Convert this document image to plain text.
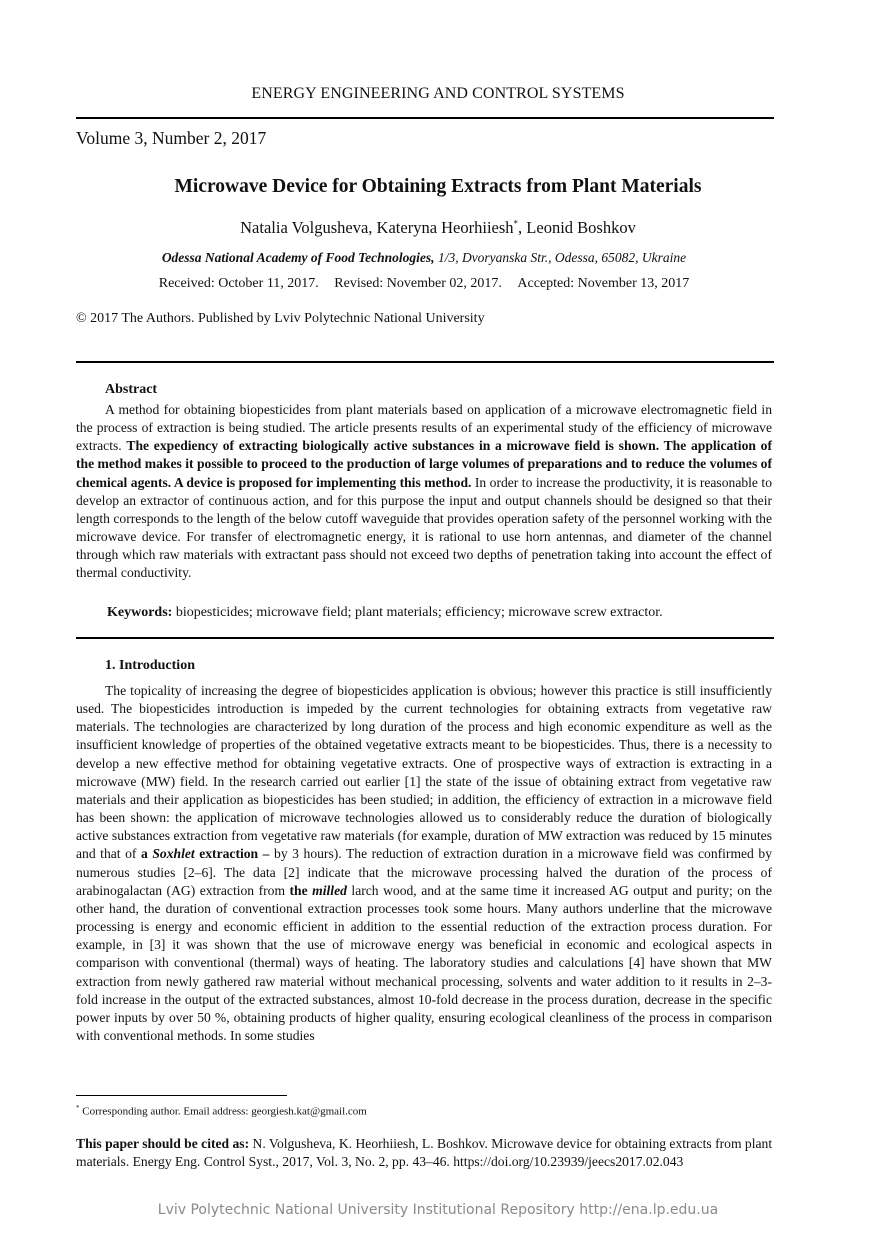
ENERGY ENGINEERING AND CONTROL SYSTEMS
Volume 3, Number 2, 2017
Microwave Device for Obtaining Extracts from Plant Materials
Natalia Volgusheva, Kateryna Heorhiiesh*, Leonid Boshkov
Odessa National Academy of Food Technologies, 1/3, Dvoryanska Str., Odessa, 65082, Ukraine
Received: October 11, 2017. Revised: November 02, 2017. Accepted: November 13, 2017
© 2017 The Authors. Published by Lviv Polytechnic National University
Abstract

A method for obtaining biopesticides from plant materials based on application of a microwave electromagnetic field in the process of extraction is being studied. The article presents results of an experimental study of the efficiency of microwave extracts. The expediency of extracting biologically active substances in a microwave field is shown. The application of the method makes it possible to proceed to the production of large volumes of preparations and to reduce the volumes of chemical agents. A device is proposed for implementing this method. In order to increase the productivity, it is reasonable to develop an extractor of continuous action, and for this purpose the input and output channels should be designed so that their length corresponds to the length of the below cutoff waveguide that provides operation safety of the personnel working with the microwave device. For transfer of electromagnetic energy, it is rational to use horn antennas, and diameter of the channel through which raw materials with extractant pass should not exceed two depths of penetration taking into account the effect of thermal conductivity.

Keywords: biopesticides; microwave field; plant materials; efficiency; microwave screw extractor.
1. Introduction

The topicality of increasing the degree of biopesticides application is obvious; however this practice is still insufficiently used. The biopesticides introduction is impeded by the current technologies for obtaining extracts from vegetative raw materials. The technologies are characterized by long duration of the process and high economic expenditure as well as the insufficient knowledge of properties of the obtained vegetative extracts meant to be biopesticides. Thus, there is a necessity to develop a new effective method for obtaining vegetative extracts. One of prospective ways of extraction is extracting in a microwave (MW) field. In the research carried out earlier [1] the state of the issue of obtaining extract from vegetative raw materials and their application as biopesticides has been studied; in addition, the efficiency of extraction in a microwave field has been shown: the application of microwave technologies allowed us to considerably reduce the duration of biologically active substances extraction from vegetative raw materials (for example, duration of MW extraction was reduced by 15 minutes and that of a Soxhlet extraction – by 3 hours). The reduction of extraction duration in a microwave field was confirmed by numerous studies [2–6]. The data [2] indicate that the microwave processing halved the duration of the process of arabinogalactan (AG) extraction from the milled larch wood, and at the same time it increased AG output and purity; on the other hand, the duration of conventional extraction processes took some hours. Many authors underline that the microwave processing is energy and economic efficient in addition to the essential reduction of the extraction process duration. For example, in [3] it was shown that the use of microwave energy was beneficial in economic and ecological aspects in comparison with conventional (thermal) ways of heating. The laboratory studies and calculations [4] have shown that MW extraction from newly gathered raw material without mechanical processing, solvents and water addition to it results in 2–3-fold increase in the output of the extracted substances, almost 10-fold decrease in the process duration, decrease in the specific power inputs by over 50 %, obtaining products of higher quality, ensuring ecological cleanliness of the process in comparison with conventional methods. In some studies

* Corresponding author. Email address: georgiesh.kat@gmail.com
This paper should be cited as: N. Volgusheva, K. Heorhiiesh, L. Boshkov. Microwave device for obtaining extracts from plant materials. Energy Eng. Control Syst., 2017, Vol. 3, No. 2, pp. 43–46. https://doi.org/10.23939/jeecs2017.02.043
Lviv Polytechnic National University Institutional Repository http://ena.lp.edu.ua
